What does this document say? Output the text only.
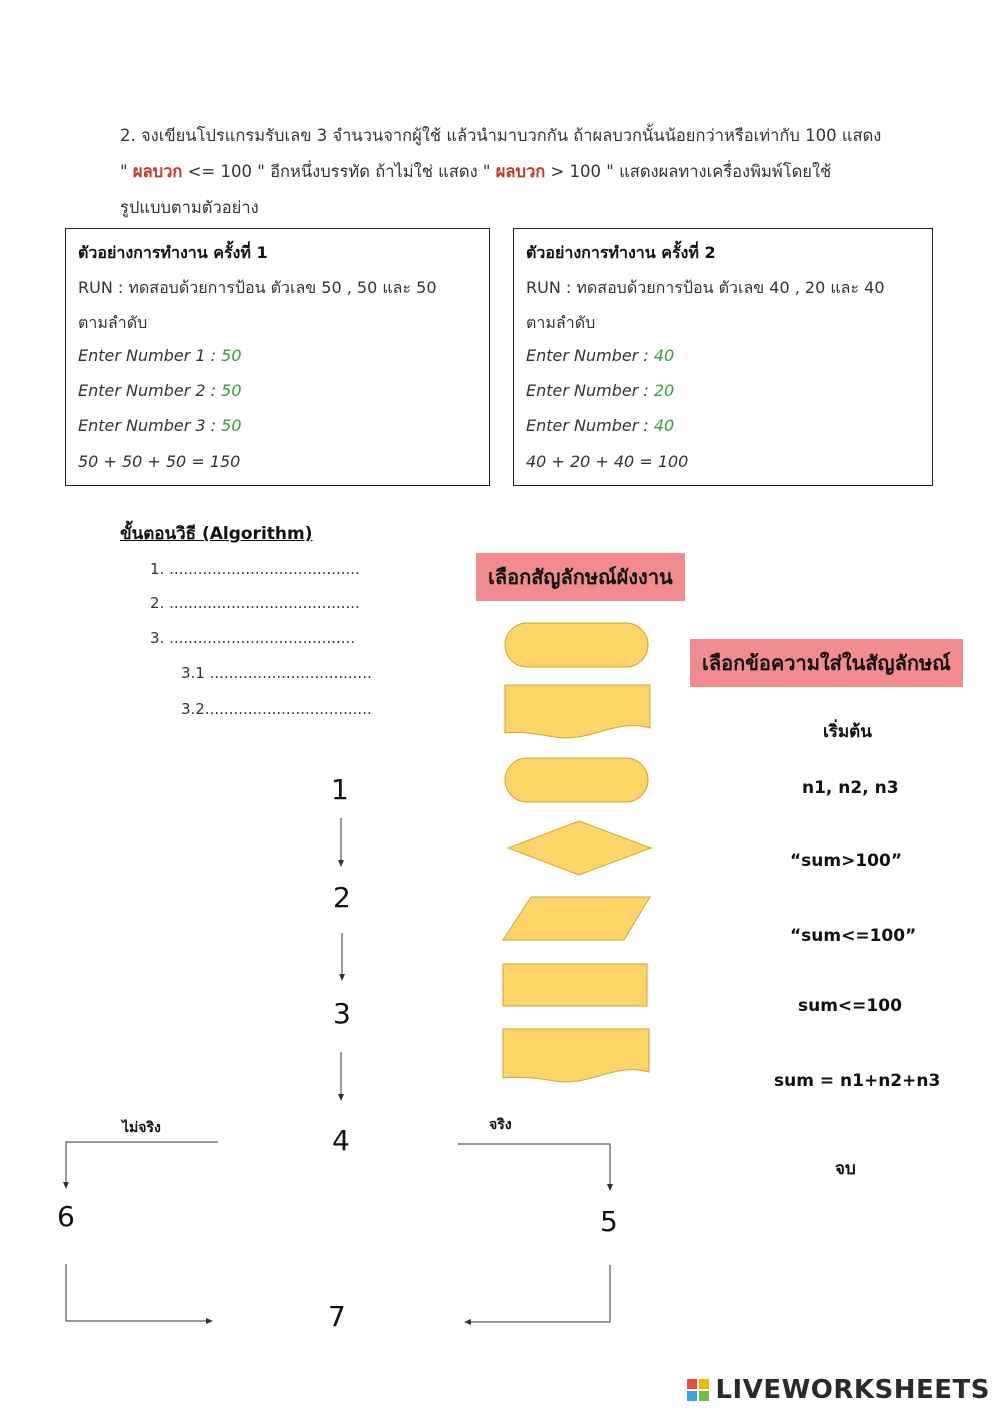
2. จงเขียนโปรแกรมรับเลข 3 จำนวนจากผู้ใช้ แล้วนำมาบวกกัน ถ้าผลบวกนั้นน้อยกว่าหรือเท่ากับ 100 แสดง
" ผลบวก <= 100 " อีกหนึ่งบรรทัด ถ้าไม่ใช่ แสดง " ผลบวก > 100 " แสดงผลทางเครื่องพิมพ์โดยใช้
รูปแบบตามตัวอย่าง
ตัวอย่างการทำงาน ครั้งที่ 1
RUN : ทดสอบด้วยการป้อน ตัวเลข 50 , 50 และ 50
ตามลำดับ
Enter Number 1 : 50
Enter Number 2 : 50
Enter Number 3 : 50
50 + 50 + 50 = 150
ตัวอย่างการทำงาน ครั้งที่ 2
RUN : ทดสอบด้วยการป้อน ตัวเลข 40 , 20 และ 40
ตามลำดับ
Enter Number : 40
Enter Number : 20
Enter Number : 40
40 + 20 + 40 = 100
ขั้นตอนวิธี (Algorithm)
1. ........................................
2. ........................................
3. .......................................
3.1 ..................................
3.2...................................
เลือกสัญลักษณ์ผังงาน
เลือกข้อความใส่ในสัญลักษณ์
เริ่มต้น
n1, n2, n3
“sum>100”
“sum<=100”
sum<=100
sum = n1+n2+n3
จบ
1
2
3
4
5
6
7
ไม่จริง	จริง
LIVEWORKSHEETS
